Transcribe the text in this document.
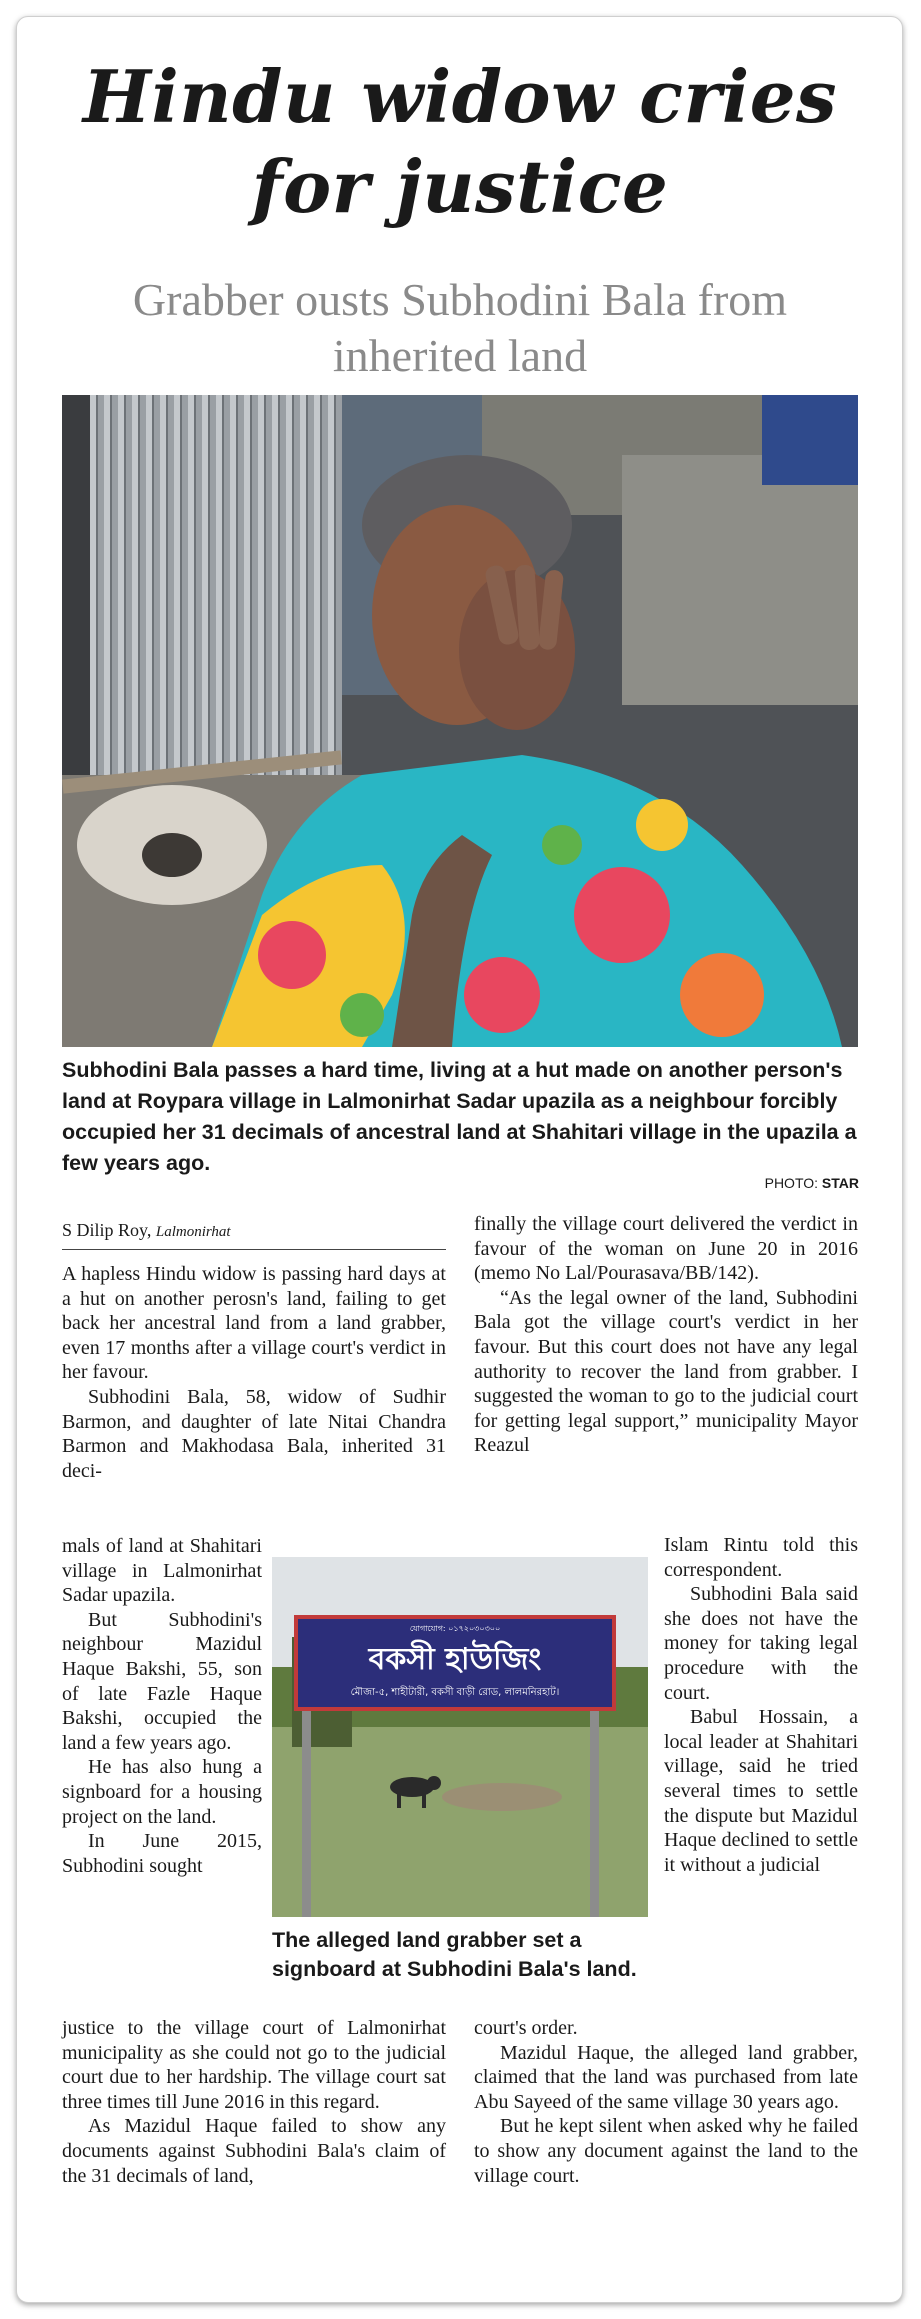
Hindu widow cries for justice
Grabber ousts Subhodini Bala from inherited land

Subhodini Bala passes a hard time, living at a hut made on another person's land at Roypara village in Lalmonirhat Sadar upazila as a neighbour forcibly occupied her 31 decimals of ancestral land at Shahitari village in the upazila a few years ago.

PHOTO: STAR
S Dilip Roy, Lalmonirhat

A hapless Hindu widow is passing hard days at a hut on another perosn's land, failing to get back her ancestral land from a land grabber, even 17 months after a village court's verdict in her favour.

Subhodini Bala, 58, widow of Sudhir Barmon, and daughter of late Nitai Chandra Barmon and Makhodasa Bala, inherited 31 deci-

mals of land at Shahitari village in Lalmonirhat Sadar upazila.

But Subhodini's neighbour Mazidul Haque Bakshi, 55, son of late Fazle Haque Bakshi, occupied the land a few years ago.

He has also hung a signboard for a housing project on the land.

In June 2015, Subhodini sought

justice to the village court of Lalmonirhat municipality as she could not go to the judicial court due to her hardship. The village court sat three times till June 2016 in this regard.

As Mazidul Haque failed to show any documents against Subhodini Bala's claim of the 31 decimals of land,

finally the village court delivered the verdict in favour of the woman on June 20 in 2016 (memo No Lal/Pourasava/BB/142).

“As the legal owner of the land, Subhodini Bala got the village court's verdict in her favour. But this court does not have any legal authority to recover the land from grabber. I suggested the woman to go to the judicial court for getting legal support,” municipality Mayor Reazul

Islam Rintu told this correspondent.

Subhodini Bala said she does not have the money for taking legal procedure with the court.

Babul Hossain, a local leader at Shahitari village, said he tried several times to settle the dispute but Mazidul Haque declined to settle it without a judicial

court's order.

Mazidul Haque, the alleged land grabber, claimed that the land was purchased from late Abu Sayeed of the same village 30 years ago.

But he kept silent when asked why he failed to show any document against the land to the village court.

যোগাযোগ: ০১৭২০৩০৩০০
বকসী হাউজিং
মৌজা-৫, শাহীটারী, বকসী বাড়ী রোড, লালমনিরহাট।

The alleged land grabber set a signboard at Subhodini Bala's land.
